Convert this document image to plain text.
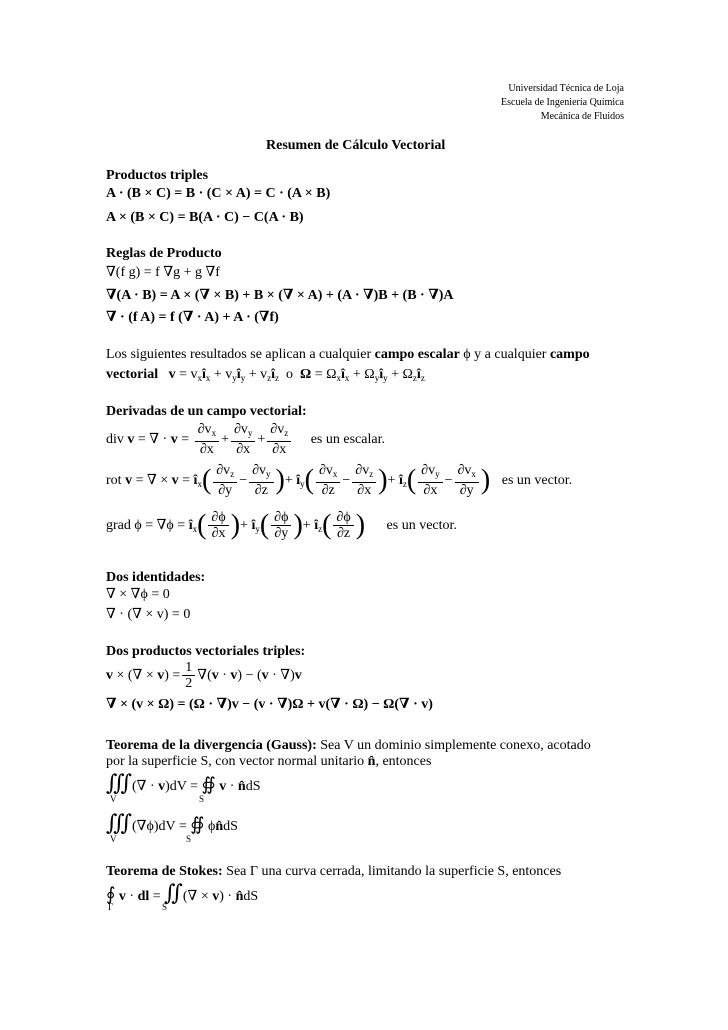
Universidad Técnica de Loja
Escuela de Ingeniería Química
Mecánica de Fluidos
Resumen de Cálculo Vectorial
Productos triples
A · (B × C) = B · (C × A) = C · (A × B)
A × (B × C) = B(A · C) − C(A · B)
Reglas de Producto
∇(f g) = f ∇g + g ∇f
∇(A · B) = A × (∇ × B) + B × (∇ × A) + (A · ∇)B + (B · ∇)A
∇ · (f A) = f (∇ · A) + A · (∇f)
Los siguientes resultados se aplican a cualquier campo escalar ϕ y a cualquier campo
vectorial $v = v_xî_x$ + $v_yî_y$ + $v_zî_z$  o  $\Omega = \Omega_xî_x$ + $\Omega_yî_y$ + $\Omega_zî_z$
Derivadas de un campo vectorial:
div v = ∇ · $v = \frac{\partial v_x}{\partial x} + \frac{\partial v_y}{\partial x} + \frac{\partial v_z}{\partial x}$ es un escalar.
rot v = ∇ × $v = î_x( \frac{\partial v_z}{\partial y} - \frac{\partial v_y}{\partial z}$ )+ $î_y( \frac{\partial v_x}{\partial z} - \frac{\partial v_z}{\partial x}$ )+ $î_z( \frac{\partial v_y}{\partial x} - \frac{\partial v_x}{\partial y}$ ) es un vector.
grad $\phi = \nabla\phi = î_x( \frac{\partial\phi}{\partial x}$ )+ $î_y( \frac{\partial\phi}{\partial y}$ )+ $î_z( \frac{\partial\phi}{\partial z}$ ) es un vector.
Dos identidades:
∇ × ∇ϕ = 0
∇ · (∇ × v) = 0
Dos productos vectoriales triples:
v × (∇ × $v) = \frac{1}{2} \nabla(v \cdot v) - (v \cdot \nabla)v$
∇ × (v × Ω) = (Ω · ∇)v − (v · ∇)Ω + v(∇ · Ω) − Ω(∇ · v)
Teorema de la divergencia (Gauss): Sea V un dominio simplemente conexo, acotado
por la superficie S, con vector normal unitario n̂, entonces
∭(∇ · v)dV = ∯ v · n̂dS
V	S
∭(∇ϕ)dV = ∯ ϕn̂dS
V	S
Teorema de Stokes: Sea Γ una curva cerrada, limitando la superficie S, entonces
∮ v · dl = ∬(∇ × v) · n̂dS
Γ	S
